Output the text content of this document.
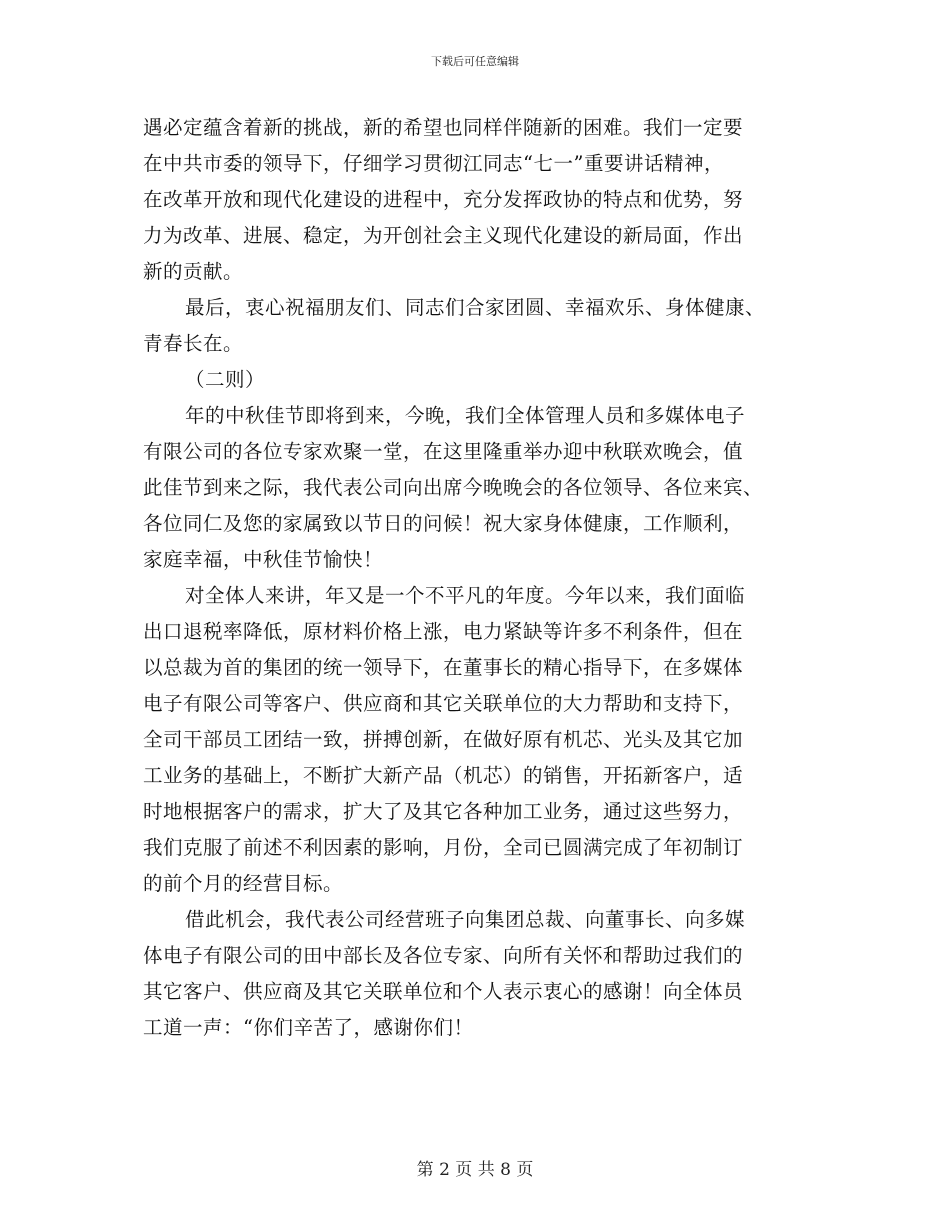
下载后可任意编辑
遇必定蕴含着新的挑战，新的希望也同样伴随新的困难。我们一定要
在中共市委的领导下，仔细学习贯彻江同志“七一”重要讲话精神，
在改革开放和现代化建设的进程中，充分发挥政协的特点和优势，努
力为改革、进展、稳定，为开创社会主义现代化建设的新局面，作出
新的贡献。
最后，衷心祝福朋友们、同志们合家团圆、幸福欢乐、身体健康、
青春长在。
（二则）
年的中秋佳节即将到来，今晚，我们全体管理人员和多媒体电子
有限公司的各位专家欢聚一堂，在这里隆重举办迎中秋联欢晚会，值
此佳节到来之际，我代表公司向出席今晚晚会的各位领导、各位来宾、
各位同仁及您的家属致以节日的问候！祝大家身体健康，工作顺利，
家庭幸福，中秋佳节愉快！
对全体人来讲，年又是一个不平凡的年度。今年以来，我们面临
出口退税率降低，原材料价格上涨，电力紧缺等许多不利条件，但在
以总裁为首的集团的统一领导下，在董事长的精心指导下，在多媒体
电子有限公司等客户、供应商和其它关联单位的大力帮助和支持下，
全司干部员工团结一致，拼搏创新，在做好原有机芯、光头及其它加
工业务的基础上，不断扩大新产品（机芯）的销售，开拓新客户，适
时地根据客户的需求，扩大了及其它各种加工业务，通过这些努力，
我们克服了前述不利因素的影响，月份，全司已圆满完成了年初制订
的前个月的经营目标。
借此机会，我代表公司经营班子向集团总裁、向董事长、向多媒
体电子有限公司的田中部长及各位专家、向所有关怀和帮助过我们的
其它客户、供应商及其它关联单位和个人表示衷心的感谢！向全体员
工道一声：“你们辛苦了，感谢你们！
第 2 页 共 8 页
